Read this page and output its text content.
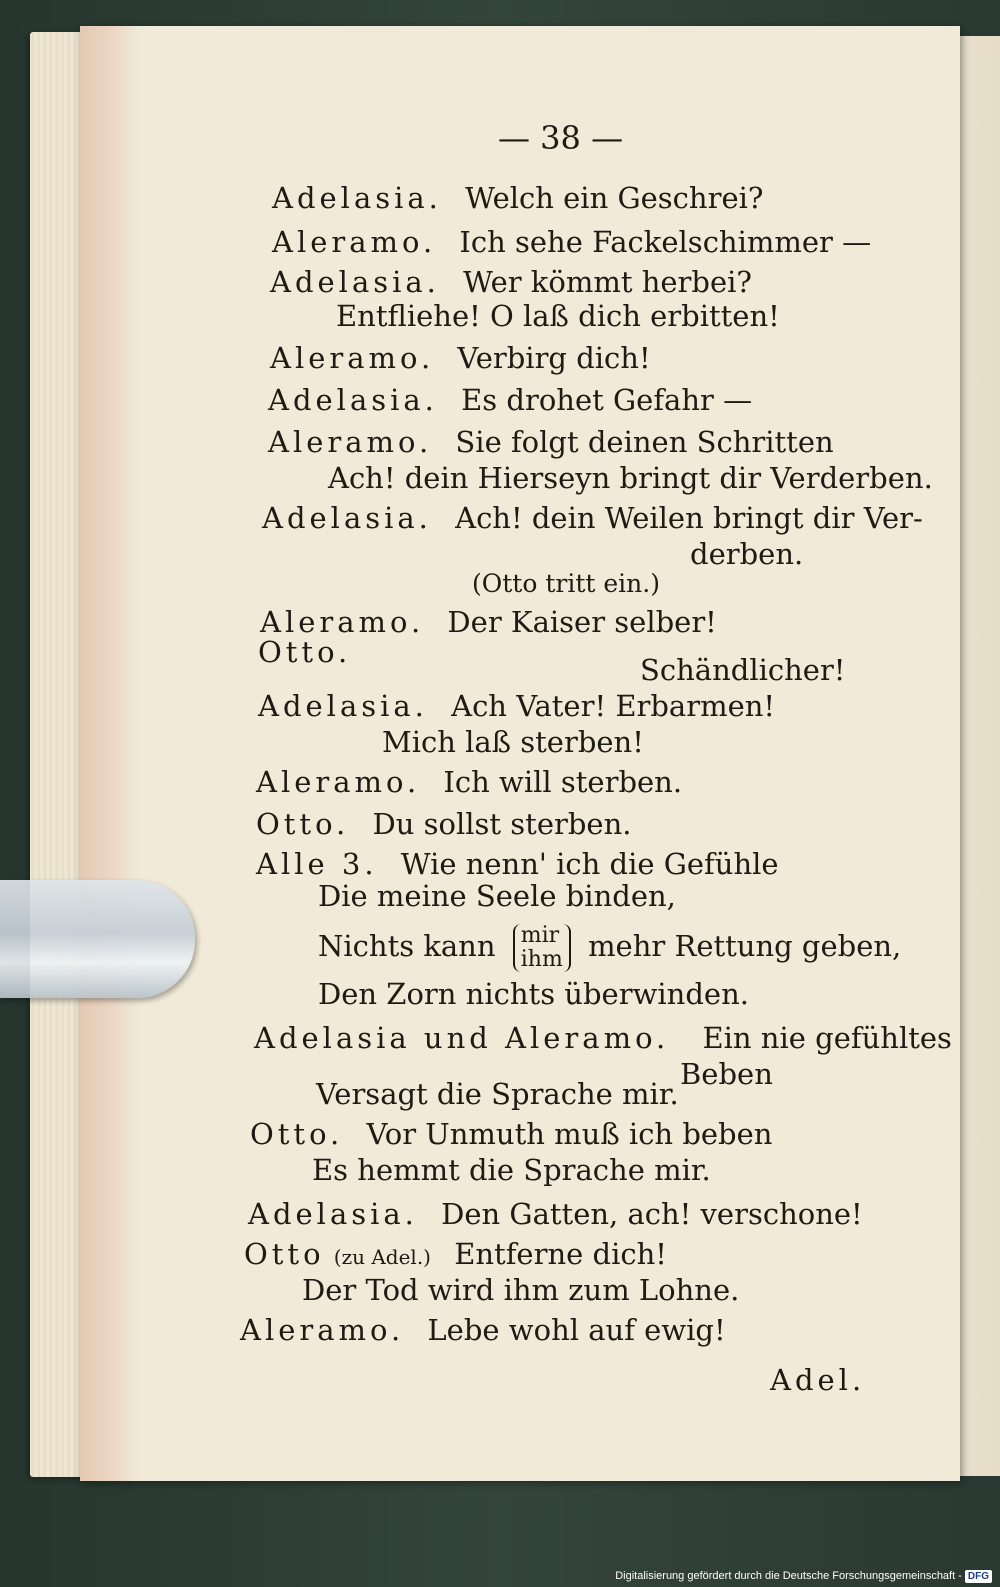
— 38 —
Adelasia. Welch ein Geschrei?
Aleramo. Ich sehe Fackelschimmer —
Adelasia. Wer kömmt herbei?
Entfliehe! O laß dich erbitten!
Aleramo. Verbirg dich!
Adelasia. Es drohet Gefahr —
Aleramo. Sie folgt deinen Schritten
Ach! dein Hierseyn bringt dir Verderben.
Adelasia. Ach! dein Weilen bringt dir Ver-
derben.
(Otto tritt ein.)
Aleramo. Der Kaiser selber!
Otto.
Schändlicher!
Adelasia. Ach Vater! Erbarmen!
Mich laß sterben!
Aleramo. Ich will sterben.
Otto. Du sollst sterben.
Alle 3. Wie nenn' ich die Gefühle
Die meine Seele binden,
Nichts kann mir
ihm mehr Rettung geben,
Den Zorn nichts überwinden.
Adelasia und Aleramo. Ein nie gefühltes
Beben
Versagt die Sprache mir.
Otto. Vor Unmuth muß ich beben
Es hemmt die Sprache mir.
Adelasia. Den Gatten, ach! verschone!
Otto (zu Adel.) Entferne dich!
Der Tod wird ihm zum Lohne.
Aleramo. Lebe wohl auf ewig!
Adel.
Digitalisierung gefördert durch die Deutsche Forschungsgemeinschaft - DFG
